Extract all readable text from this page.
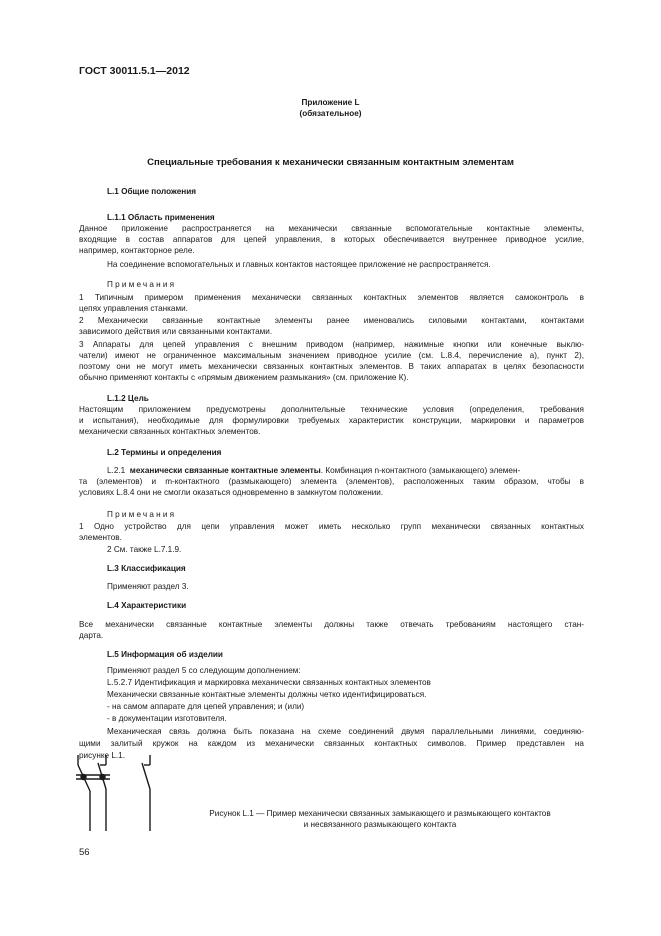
ГОСТ 30011.5.1—2012
Приложение L
(обязательное)
Специальные требования к механически связанным контактным элементам
L.1 Общие положения
L.1.1 Область применения
Данное приложение распространяется на механически связанные вспомогательные контактные элементы,
входящие в состав аппаратов для цепей управления, в которых обеспечивается внутреннее приводное усилие,
например, контакторное реле.
На соединение вспомогательных и главных контактов настоящее приложение не распространяется.
Примечания
1 Типичным примером применения механически связанных контактных элементов является самоконтроль в
цепях управления станками.
2 Механически связанные контактные элементы ранее именовались силовыми контактами, контактами
зависимого действия или связанными контактами.
3 Аппараты для цепей управления с внешним приводом (например, нажимные кнопки или конечные выклю-
чатели) имеют не ограниченное максимальным значением приводное усилие (см. L.8.4, перечисление а), пункт 2),
поэтому они не могут иметь механически связанных контактных элементов. В таких аппаратах в целях безопасности
обычно применяют контакты с «прямым движением размыкания» (см. приложение К).
L.1.2 Цель
Настоящим приложением предусмотрены дополнительные технические условия (определения, требования
и испытания), необходимые для формулировки требуемых характеристик конструкции, маркировки и параметров
механически связанных контактных элементов.
L.2 Термины и определения
L.2.1 механически связанные контактные элементы. Комбинация n-контактного (замыкающего) элемен-
та (элементов) и m-контактного (размыкающего) элемента (элементов), расположенных таким образом, чтобы в
условиях L.8.4 они не смогли оказаться одновременно в замкнутом положении.
Примечания
1 Одно устройство для цепи управления может иметь несколько групп механически связанных контактных
элементов.
2 См. также L.7.1.9.
L.3 Классификация
Применяют раздел 3.
L.4 Характеристики
Все механически связанные контактные элементы должны также отвечать требованиям настоящего стан-
дарта.
L.5 Информация об изделии
Применяют раздел 5 со следующим дополнением:
L.5.2.7 Идентификация и маркировка механически связанных контактных элементов
Механически связанные контактные элементы должны четко идентифицироваться.
- на самом аппарате для цепей управления; и (или)
- в документации изготовителя.
Механическая связь должна быть показана на схеме соединений двумя параллельными линиями, соединяю-
щими залитый кружок на каждом из механически связанных контактных символов. Пример представлен на
рисунке L.1.
Рисунок L.1 — Пример механически связанных замыкающего и размыкающего контактов
и несвязанного размыкающего контакта
56
